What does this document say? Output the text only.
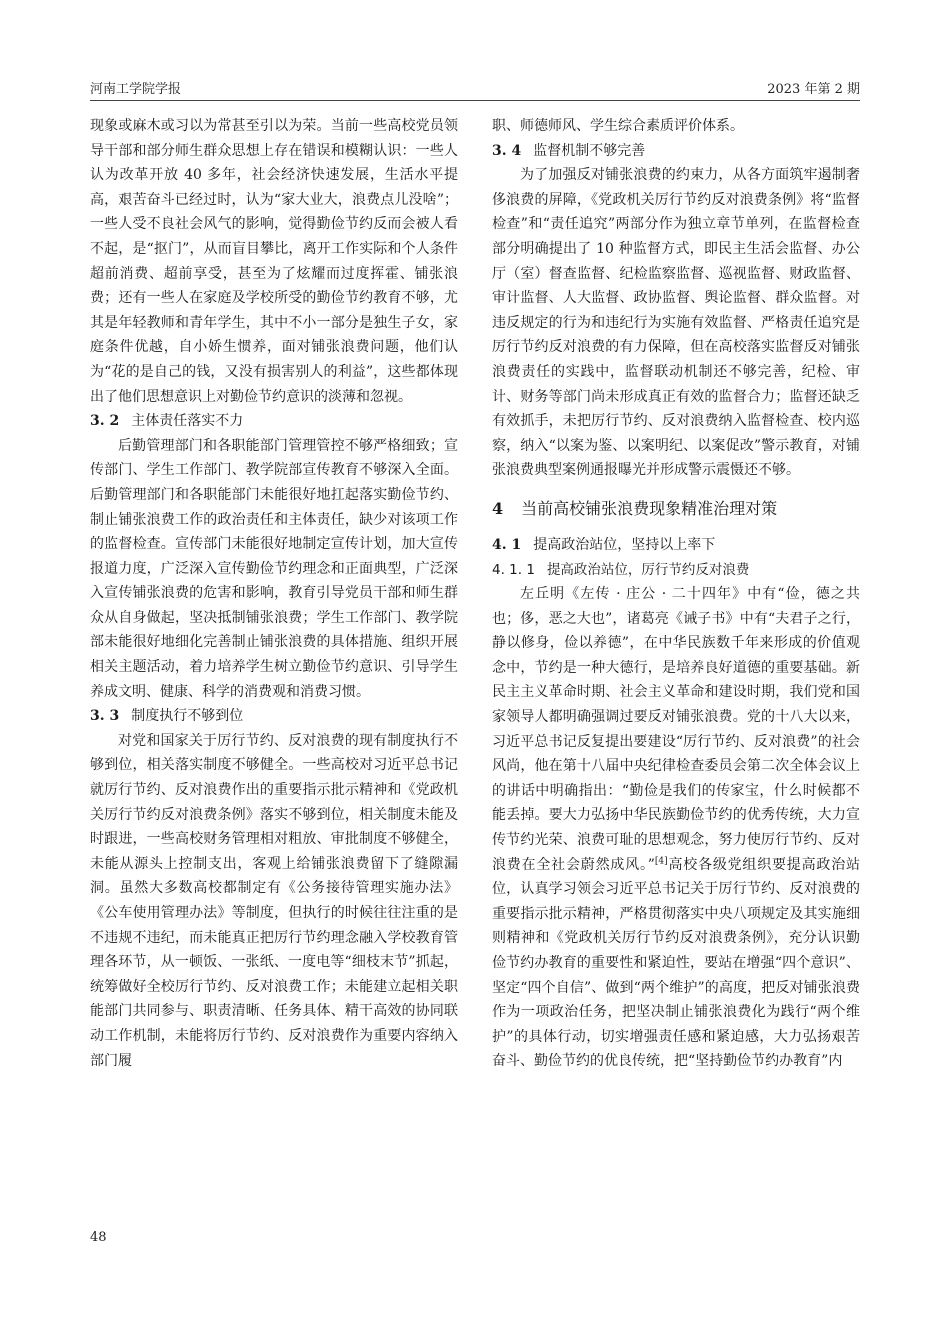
河南工学院学报	2023 年第 2 期

现象或麻木或习以为常甚至引以为荣。当前一些高校党员领导干部和部分师生群众思想上存在错误和模糊认识：一些人认为改革开放 40 多年，社会经济快速发展，生活水平提高，艰苦奋斗已经过时，认为“家大业大，浪费点儿没啥”；一些人受不良社会风气的影响，觉得勤俭节约反而会被人看不起，是“抠门”，从而盲目攀比，离开工作实际和个人条件超前消费、超前享受，甚至为了炫耀而过度挥霍、铺张浪费；还有一些人在家庭及学校所受的勤俭节约教育不够，尤其是年轻教师和青年学生，其中不小一部分是独生子女，家庭条件优越，自小娇生惯养，面对铺张浪费问题，他们认为“花的是自己的钱，又没有损害别人的利益”，这些都体现出了他们思想意识上对勤俭节约意识的淡薄和忽视。

3. 2 主体责任落实不力

后勤管理部门和各职能部门管理管控不够严格细致；宣传部门、学生工作部门、教学院部宣传教育不够深入全面。后勤管理部门和各职能部门未能很好地扛起落实勤俭节约、制止铺张浪费工作的政治责任和主体责任，缺少对该项工作的监督检查。宣传部门未能很好地制定宣传计划，加大宣传报道力度，广泛深入宣传勤俭节约理念和正面典型，广泛深入宣传铺张浪费的危害和影响，教育引导党员干部和师生群众从自身做起，坚决抵制铺张浪费；学生工作部门、教学院部未能很好地细化完善制止铺张浪费的具体措施、组织开展相关主题活动，着力培养学生树立勤俭节约意识、引导学生养成文明、健康、科学的消费观和消费习惯。

3. 3 制度执行不够到位

对党和国家关于厉行节约、反对浪费的现有制度执行不够到位，相关落实制度不够健全。一些高校对习近平总书记就厉行节约、反对浪费作出的重要指示批示精神和《党政机关厉行节约反对浪费条例》落实不够到位，相关制度未能及时跟进，一些高校财务管理相对粗放、审批制度不够健全，未能从源头上控制支出，客观上给铺张浪费留下了缝隙漏洞。虽然大多数高校都制定有《公务接待管理实施办法》《公车使用管理办法》等制度，但执行的时候往往注重的是不违规不违纪，而未能真正把厉行节约理念融入学校教育管理各环节，从一顿饭、一张纸、一度电等“细枝末节”抓起，统筹做好全校厉行节约、反对浪费工作；未能建立起相关职能部门共同参与、职责清晰、任务具体、精干高效的协同联动工作机制，未能将厉行节约、反对浪费作为重要内容纳入部门履

职、师德师风、学生综合素质评价体系。

3. 4 监督机制不够完善

为了加强反对铺张浪费的约束力，从各方面筑牢遏制奢侈浪费的屏障，《党政机关厉行节约反对浪费条例》将“监督检查”和“责任追究”两部分作为独立章节单列，在监督检查部分明确提出了 10 种监督方式，即民主生活会监督、办公厅（室）督查监督、纪检监察监督、巡视监督、财政监督、审计监督、人大监督、政协监督、舆论监督、群众监督。对违反规定的行为和违纪行为实施有效监督、严格责任追究是厉行节约反对浪费的有力保障，但在高校落实监督反对铺张浪费责任的实践中，监督联动机制还不够完善，纪检、审计、财务等部门尚未形成真正有效的监督合力；监督还缺乏有效抓手，未把厉行节约、反对浪费纳入监督检查、校内巡察，纳入“以案为鉴、以案明纪、以案促改”警示教育，对铺张浪费典型案例通报曝光并形成警示震慑还不够。

4 当前高校铺张浪费现象精准治理对策
4. 1 提高政治站位，坚持以上率下
4. 1. 1 提高政治站位，厉行节约反对浪费

左丘明《左传 · 庄公 · 二十四年》中有“俭，德之共也；侈，恶之大也”，诸葛亮《诫子书》中有“夫君子之行，静以修身，俭以养德”，在中华民族数千年来形成的价值观念中，节约是一种大德行，是培养良好道德的重要基础。新民主主义革命时期、社会主义革命和建设时期，我们党和国家领导人都明确强调过要反对铺张浪费。党的十八大以来，习近平总书记反复提出要建设“厉行节约、反对浪费”的社会风尚，他在第十八届中央纪律检查委员会第二次全体会议上的讲话中明确指出：“勤俭是我们的传家宝，什么时候都不能丢掉。要大力弘扬中华民族勤俭节约的优秀传统，大力宣传节约光荣、浪费可耻的思想观念，努力使厉行节约、反对浪费在全社会蔚然成风。”[4]高校各级党组织要提高政治站位，认真学习领会习近平总书记关于厉行节约、反对浪费的重要指示批示精神，严格贯彻落实中央八项规定及其实施细则精神和《党政机关厉行节约反对浪费条例》，充分认识勤俭节约办教育的重要性和紧迫性，要站在增强“四个意识”、坚定“四个自信”、做到“两个维护”的高度，把反对铺张浪费作为一项政治任务，把坚决制止铺张浪费化为践行“两个维护”的具体行动，切实增强责任感和紧迫感，大力弘扬艰苦奋斗、勤俭节约的优良传统，把“坚持勤俭节约办教育”内

48
